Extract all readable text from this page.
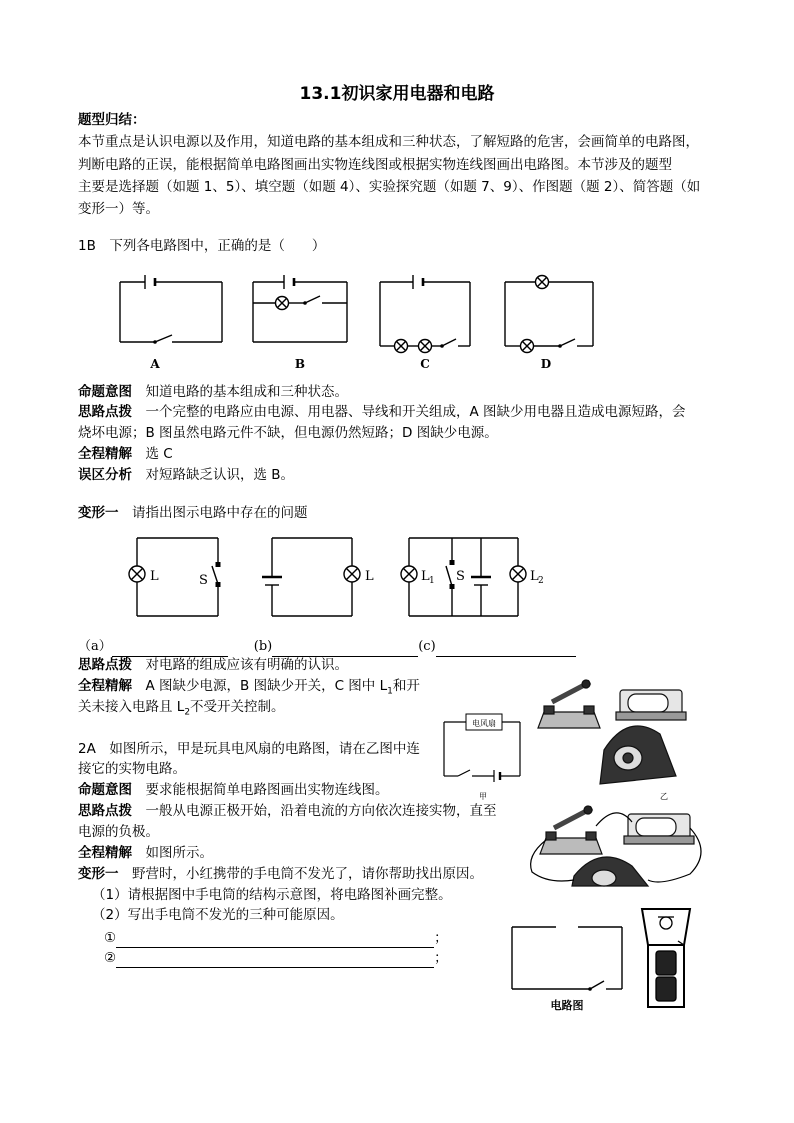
13.1初识家用电器和电路
题型归结：
本节重点是认识电源以及作用，知道电路的基本组成和三种状态，了解短路的危害，会画简单的电路图，
判断电路的正误，能根据简单电路图画出实物连线图或根据实物连线图画出电路图。本节涉及的题型
主要是选择题（如题 1、5）、填空题（如题 4）、实验探究题（如题 7、9）、作图题（题 2）、简答题（如
变形一）等。
1B　下列各电路图中，正确的是（　　）
A	B	C	D
命题意图　 知道电路的基本组成和三种状态。
思路点拨　 一个完整的电路应由电源、用电器、导线和开关组成，A 图缺少用电器且造成电源短路，会
烧坏电源；B 图虽然电路元件不缺，但电源仍然短路；D 图缺少电源。
全程精解　 选 C
误区分析　 对短路缺乏认识，选 B。
变形一　 请指出图示电路中存在的问题
L	S	L	L 1 S	L 2
（a）	(b)	(c)
思路点拨　 对电路的组成应该有明确的认识。
全程精解　 A 图缺少电源，B 图缺少开关，C 图中 $L_1$和开
关未接入电路且 $L_2$不受开关控制。
2A　如图所示，甲是玩具电风扇的电路图，请在乙图中连
接它的实物电路。
命题意图　 要求能根据简单电路图画出实物连线图。
思路点拨　 一般从电源正极开始，沿着电流的方向依次连接实物，直至
电源的负极。
全程精解　 如图所示。
电风扇
甲	乙
变形一　 野营时，小红携带的手电筒不发光了，请你帮助找出原因。
（1）请根据图中手电筒的结构示意图，将电路图补画完整。
（2）写出手电筒不发光的三种可能原因。
①	；
②	；
电路图
